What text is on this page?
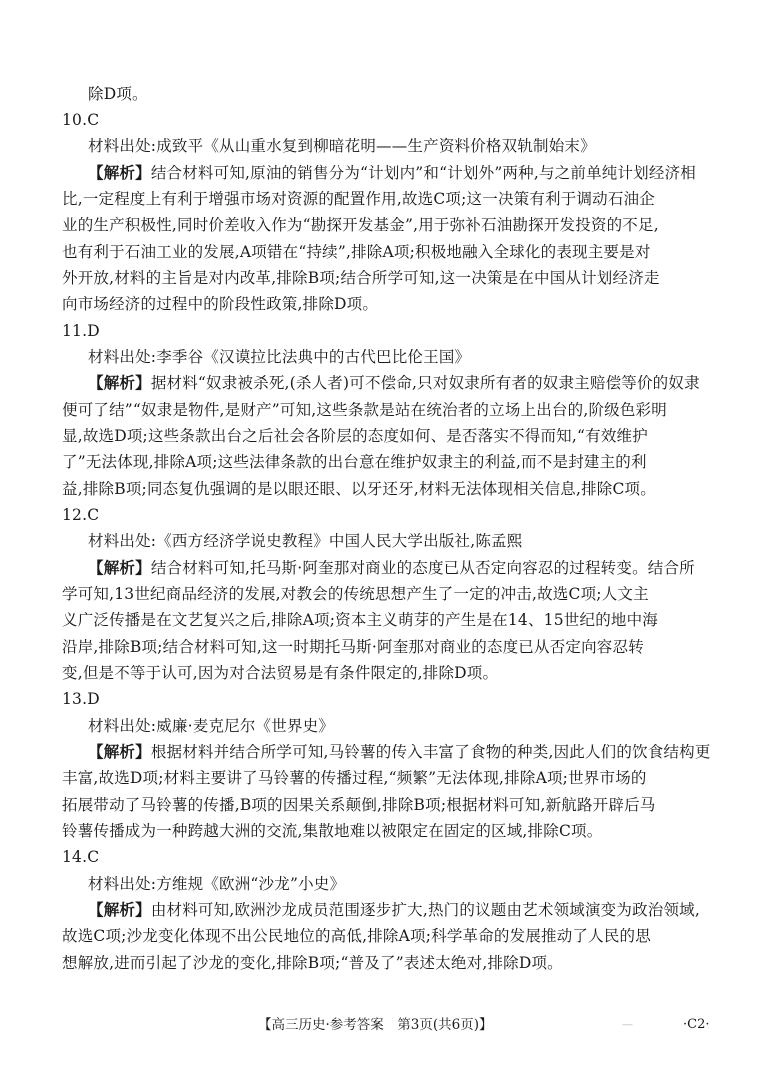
除D项。
10.C
材料出处:成致平《从山重水复到柳暗花明——生产资料价格双轨制始末》
【解析】结合材料可知,原油的销售分为“计划内”和“计划外”两种,与之前单纯计划经济相
比,一定程度上有利于增强市场对资源的配置作用,故选C项;这一决策有利于调动石油企
业的生产积极性,同时价差收入作为“勘探开发基金”,用于弥补石油勘探开发投资的不足,
也有利于石油工业的发展,A项错在“持续”,排除A项;积极地融入全球化的表现主要是对
外开放,材料的主旨是对内改革,排除B项;结合所学可知,这一决策是在中国从计划经济走
向市场经济的过程中的阶段性政策,排除D项。
11.D
材料出处:李季谷《汉谟拉比法典中的古代巴比伦王国》
【解析】据材料“奴隶被杀死,(杀人者)可不偿命,只对奴隶所有者的奴隶主赔偿等价的奴隶
便可了结”“奴隶是物件,是财产”可知,这些条款是站在统治者的立场上出台的,阶级色彩明
显,故选D项;这些条款出台之后社会各阶层的态度如何、是否落实不得而知,“有效维护
了”无法体现,排除A项;这些法律条款的出台意在维护奴隶主的利益,而不是封建主的利
益,排除B项;同态复仇强调的是以眼还眼、以牙还牙,材料无法体现相关信息,排除C项。
12.C
材料出处:《西方经济学说史教程》中国人民大学出版社,陈孟熙
【解析】结合材料可知,托马斯·阿奎那对商业的态度已从否定向容忍的过程转变。结合所
学可知,13世纪商品经济的发展,对教会的传统思想产生了一定的冲击,故选C项;人文主
义广泛传播是在文艺复兴之后,排除A项;资本主义萌芽的产生是在14、15世纪的地中海
沿岸,排除B项;结合材料可知,这一时期托马斯·阿奎那对商业的态度已从否定向容忍转
变,但是不等于认可,因为对合法贸易是有条件限定的,排除D项。
13.D
材料出处:威廉·麦克尼尔《世界史》
【解析】根据材料并结合所学可知,马铃薯的传入丰富了食物的种类,因此人们的饮食结构更
丰富,故选D项;材料主要讲了马铃薯的传播过程,“频繁”无法体现,排除A项;世界市场的
拓展带动了马铃薯的传播,B项的因果关系颠倒,排除B项;根据材料可知,新航路开辟后马
铃薯传播成为一种跨越大洲的交流,集散地难以被限定在固定的区域,排除C项。
14.C
材料出处:方维规《欧洲“沙龙”小史》
【解析】由材料可知,欧洲沙龙成员范围逐步扩大,热门的议题由艺术领域演变为政治领域,
故选C项;沙龙变化体现不出公民地位的高低,排除A项;科学革命的发展推动了人民的思
想解放,进而引起了沙龙的变化,排除B项;“普及了”表述太绝对,排除D项。
【高三历史·参考答案　第3页(共6页)】	—	·C2·
